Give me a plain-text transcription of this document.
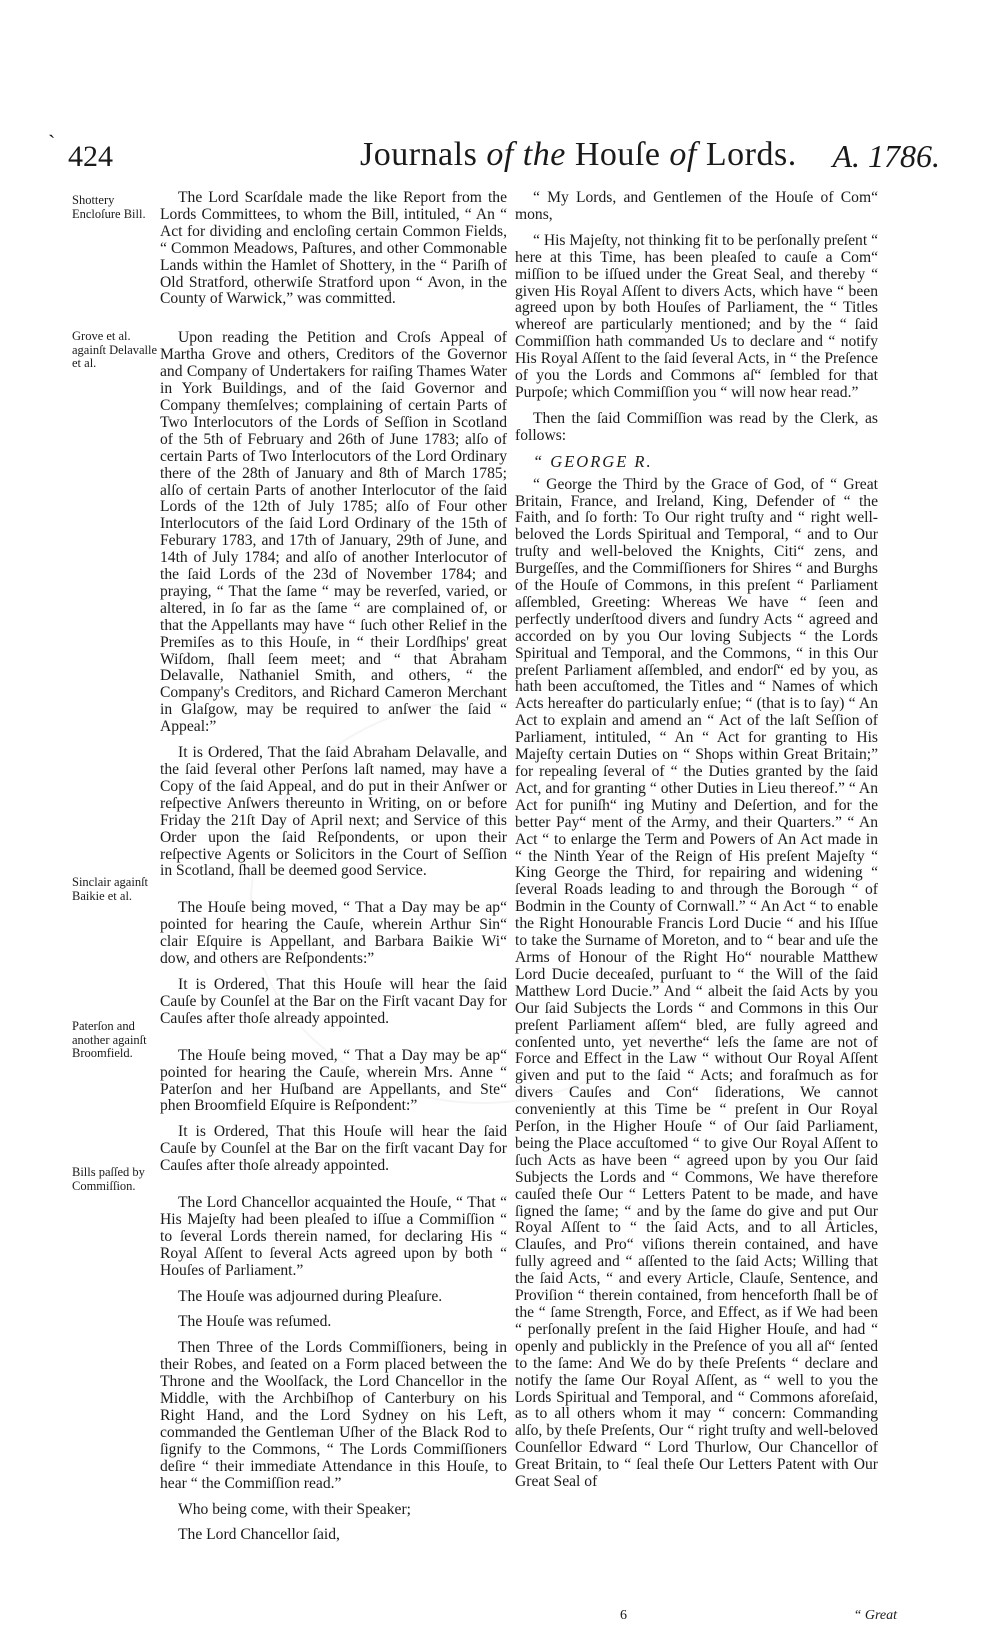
` 424	Journals of the Houſe of Lords. A. 1786.
Shottery Encloſure Bill.
Grove et al. againſt Delavalle et al.
Sinclair againſt Baikie et al.
Paterſon and another againſt Broomfield.
Bills paſſed by Commiſſion.

The Lord Scarſdale made the like Report from the Lords Committees, to whom the Bill, intituled, “ An “ Act for dividing and encloſing certain Common Fields, “ Common Meadows, Paſtures, and other Commonable Lands within the Hamlet of Shottery, in the “ Pariſh of Old Stratford, otherwiſe Stratford upon “ Avon, in the County of Warwick,” was committed.

Upon reading the Petition and Croſs Appeal of Martha Grove and others, Creditors of the Governor and Company of Undertakers for raiſing Thames Water in York Buildings, and of the ſaid Governor and Company themſelves; complaining of certain Parts of Two Interlocutors of the Lords of Seſſion in Scotland of the 5th of February and 26th of June 1783; alſo of certain Parts of Two Interlocutors of the Lord Ordinary there of the 28th of January and 8th of March 1785; alſo of certain Parts of another Interlocutor of the ſaid Lords of the 12th of July 1785; alſo of Four other Interlocutors of the ſaid Lord Ordinary of the 15th of Feburary 1783, and 17th of January, 29th of June, and 14th of July 1784; and alſo of another Interlocutor of the ſaid Lords of the 23d of November 1784; and praying, “ That the ſame “ may be reverſed, varied, or altered, in ſo far as the ſame “ are complained of, or that the Appellants may have “ ſuch other Relief in the Premiſes as to this Houſe, in “ their Lordſhips' great Wiſdom, ſhall ſeem meet; and “ that Abraham Delavalle, Nathaniel Smith, and others, “ the Company's Creditors, and Richard Cameron Merchant in Glaſgow, may be required to anſwer the ſaid “ Appeal:”

It is Ordered, That the ſaid Abraham Delavalle, and the ſaid ſeveral other Perſons laſt named, may have a Copy of the ſaid Appeal, and do put in their Anſwer or reſpective Anſwers thereunto in Writing, on or before Friday the 21ſt Day of April next; and Service of this Order upon the ſaid Reſpondents, or upon their reſpective Agents or Solicitors in the Court of Seſſion in Scotland, ſhall be deemed good Service.

The Houſe being moved, “ That a Day may be ap“ pointed for hearing the Cauſe, wherein Arthur Sin“ clair Eſquire is Appellant, and Barbara Baikie Wi“ dow, and others are Reſpondents:”

It is Ordered, That this Houſe will hear the ſaid Cauſe by Counſel at the Bar on the Firſt vacant Day for Cauſes after thoſe already appointed.

The Houſe being moved, “ That a Day may be ap“ pointed for hearing the Cauſe, wherein Mrs. Anne “ Paterſon and her Huſband are Appellants, and Ste“ phen Broomfield Eſquire is Reſpondent:”

It is Ordered, That this Houſe will hear the ſaid Cauſe by Counſel at the Bar on the firſt vacant Day for Cauſes after thoſe already appointed.

The Lord Chancellor acquainted the Houſe, “ That “ His Majeſty had been pleaſed to iſſue a Commiſſion “ to ſeveral Lords therein named, for declaring His “ Royal Aſſent to ſeveral Acts agreed upon by both “ Houſes of Parliament.”

The Houſe was adjourned during Pleaſure.

The Houſe was reſumed.

Then Three of the Lords Commiſſioners, being in their Robes, and ſeated on a Form placed between the Throne and the Woolſack, the Lord Chancellor in the Middle, with the Archbiſhop of Canterbury on his Right Hand, and the Lord Sydney on his Left, commanded the Gentleman Uſher of the Black Rod to ſignify to the Commons, “ The Lords Commiſſioners deſire “ their immediate Attendance in this Houſe, to hear “ the Commiſſion read.”

Who being come, with their Speaker;

The Lord Chancellor ſaid,

“ My Lords, and Gentlemen of the Houſe of Com“ mons,

“ His Majeſty, not thinking fit to be perſonally preſent “ here at this Time, has been pleaſed to cauſe a Com“ miſſion to be iſſued under the Great Seal, and thereby “ given His Royal Aſſent to divers Acts, which have “ been agreed upon by both Houſes of Parliament, the “ Titles whereof are particularly mentioned; and by the “ ſaid Commiſſion hath commanded Us to declare and “ notify His Royal Aſſent to the ſaid ſeveral Acts, in “ the Preſence of you the Lords and Commons aſ“ ſembled for that Purpoſe; which Commiſſion you “ will now hear read.”

Then the ſaid Commiſſion was read by the Clerk, as follows:

“ GEORGE R.

“ George the Third by the Grace of God, of “ Great Britain, France, and Ireland, King, Defender of “ the Faith, and ſo forth: To Our right truſty and “ right well-beloved the Lords Spiritual and Temporal, “ and to Our truſty and well-beloved the Knights, Citi“ zens, and Burgeſſes, and the Commiſſioners for Shires “ and Burghs of the Houſe of Commons, in this preſent “ Parliament aſſembled, Greeting: Whereas We have “ ſeen and perfectly underſtood divers and ſundry Acts “ agreed and accorded on by you Our loving Subjects “ the Lords Spiritual and Temporal, and the Commons, “ in this Our preſent Parliament aſſembled, and endorſ“ ed by you, as hath been accuſtomed, the Titles and “ Names of which Acts hereafter do particularly enſue; “ (that is to ſay) “ An Act to explain and amend an “ Act of the laſt Seſſion of Parliament, intituled, “ An “ Act for granting to His Majeſty certain Duties on “ Shops within Great Britain;” for repealing ſeveral of “ the Duties granted by the ſaid Act, and for granting “ other Duties in Lieu thereof.” “ An Act for puniſh“ ing Mutiny and Deſertion, and for the better Pay“ ment of the Army, and their Quarters.” “ An Act “ to enlarge the Term and Powers of An Act made in “ the Ninth Year of the Reign of His preſent Majeſty “ King George the Third, for repairing and widening “ ſeveral Roads leading to and through the Borough “ of Bodmin in the County of Cornwall.” “ An Act “ to enable the Right Honourable Francis Lord Ducie “ and his Iſſue to take the Surname of Moreton, and to “ bear and uſe the Arms of Honour of the Right Ho“ nourable Matthew Lord Ducie deceaſed, purſuant to “ the Will of the ſaid Matthew Lord Ducie.” And “ albeit the ſaid Acts by you Our ſaid Subjects the Lords “ and Commons in this Our preſent Parliament aſſem“ bled, are fully agreed and conſented unto, yet neverthe“ leſs the ſame are not of Force and Effect in the Law “ without Our Royal Aſſent given and put to the ſaid “ Acts; and foraſmuch as for divers Cauſes and Con“ ſiderations, We cannot conveniently at this Time be “ preſent in Our Royal Perſon, in the Higher Houſe “ of Our ſaid Parliament, being the Place accuſtomed “ to give Our Royal Aſſent to ſuch Acts as have been “ agreed upon by you Our ſaid Subjects the Lords and “ Commons, We have therefore cauſed theſe Our “ Letters Patent to be made, and have ſigned the ſame; “ and by the ſame do give and put Our Royal Aſſent to “ the ſaid Acts, and to all Articles, Clauſes, and Pro“ viſions therein contained, and have fully agreed and “ aſſented to the ſaid Acts; Willing that the ſaid Acts, “ and every Article, Clauſe, Sentence, and Proviſion “ therein contained, from henceforth ſhall be of the “ ſame Strength, Force, and Effect, as if We had been “ perſonally preſent in the ſaid Higher Houſe, and had “ openly and publickly in the Preſence of you all aſ“ ſented to the ſame: And We do by theſe Preſents “ declare and notify the ſame Our Royal Aſſent, as “ well to you the Lords Spiritual and Temporal, and “ Commons aforeſaid, as to all others whom it may “ concern: Commanding alſo, by theſe Preſents, Our “ right truſty and well-beloved Counſellor Edward “ Lord Thurlow, Our Chancellor of Great Britain, to “ ſeal theſe Our Letters Patent with Our Great Seal of

6	“ Great
